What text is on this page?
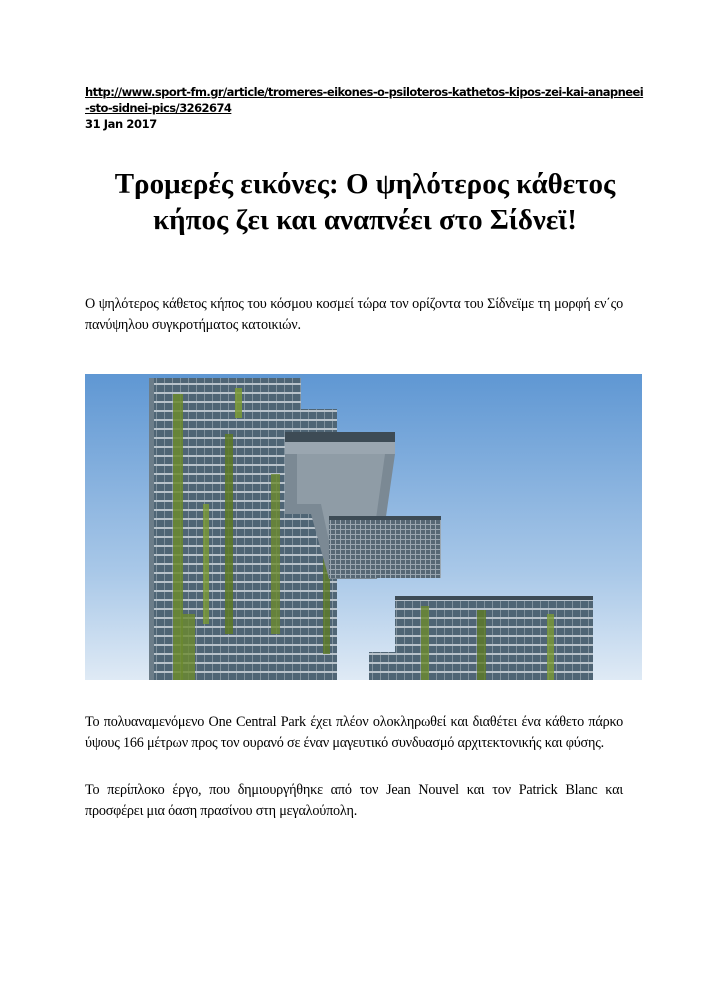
http://www.sport-fm.gr/article/tromeres-eikones-o-psiloteros-kathetos-kipos-zei-kai-anapneei-sto-sidnei-pics/3262674
31 Jan 2017
Τρομερές εικόνες: Ο ψηλότερος κάθετος κήπος ζει και αναπνέει στο Σίδνεϊ!

Ο ψηλότερος κάθετος κήπος του κόσμου κοσμεί τώρα τον ορίζοντα του Σίδνεϊμε τη μορφή εν΄ςο πανύψηλου συγκροτήματος κατοικιών.

Το πολυαναμενόμενο One Central Park έχει πλέον ολοκληρωθεί και διαθέτει ένα κάθετο πάρκο ύψους 166 μέτρων προς τον ουρανό σε έναν μαγευτικό συνδυασμό αρχιτεκτονικής και φύσης.

Το περίπλοκο έργο, που δημιουργήθηκε από τον Jean Nouvel και τον Patrick Blanc και προσφέρει μια όαση πρασίνου στη μεγαλούπολη.
